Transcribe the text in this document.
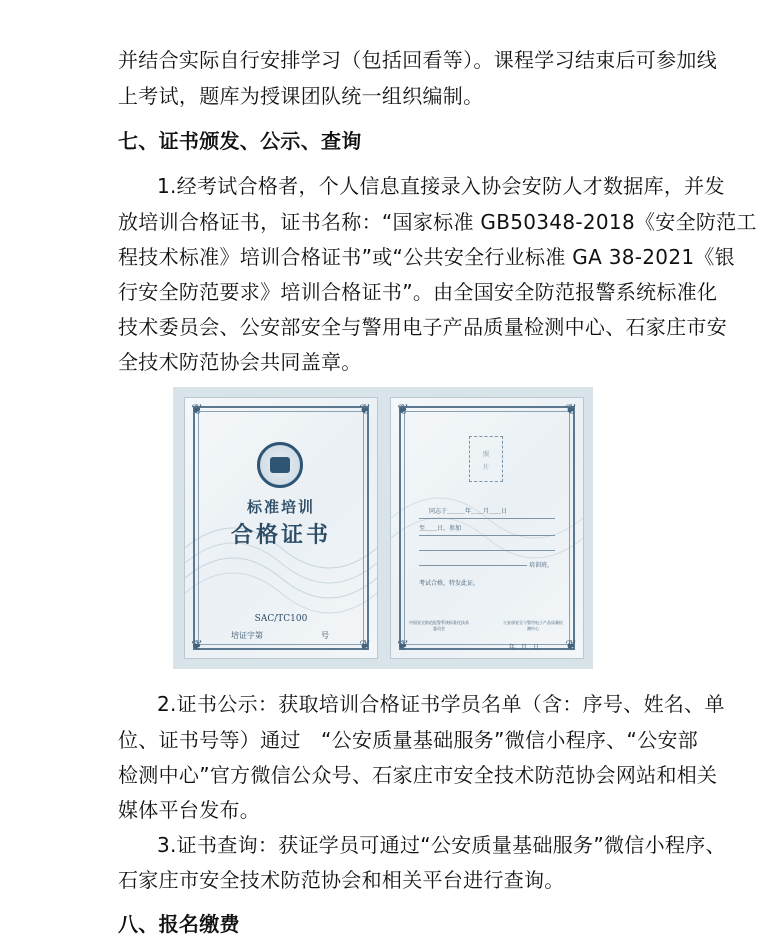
并结合实际自行安排学习（包括回看等）。课程学习结束后可参加线
上考试，题库为授课团队统一组织编制。
七、证书颁发、公示、查询
1.经考试合格者，个人信息直接录入协会安防人才数据库，并发
放培训合格证书，证书名称：“国家标准 GB50348-2018《安全防范工
程技术标准》培训合格证书”或“公共安全行业标准 GA 38-2021《银
行安全防范要求》培训合格证书”。由全国安全防范报警系统标准化
技术委员会、公安部安全与警用电子产品质量检测中心、石家庄市安
全技术防范协会共同盖章。
2.证书公示：获取培训合格证书学员名单（含：序号、姓名、单
位、证书号等）通过　“公安质量基础服务”微信小程序、“公安部
检测中心”官方微信公众号、石家庄市安全技术防范协会网站和相关
媒体平台发布。
3.证书查询：获证学员可通过“公安质量基础服务”微信小程序、
石家庄市安全技术防范协会和相关平台进行查询。
八、报名缴费
❦	❦
❦	❦
标准培训
合格证书
SAC/TC100
培证字第	号
❦	❦
❦	❦
照
片
同志于＿＿＿年＿＿月＿＿日
至＿＿日，参加
培训班，
考试合格，特发此证。
中国安全防范报警系统标准化技术委员会
公安部安全与警用电子产品质量检测中心
年　月　日
